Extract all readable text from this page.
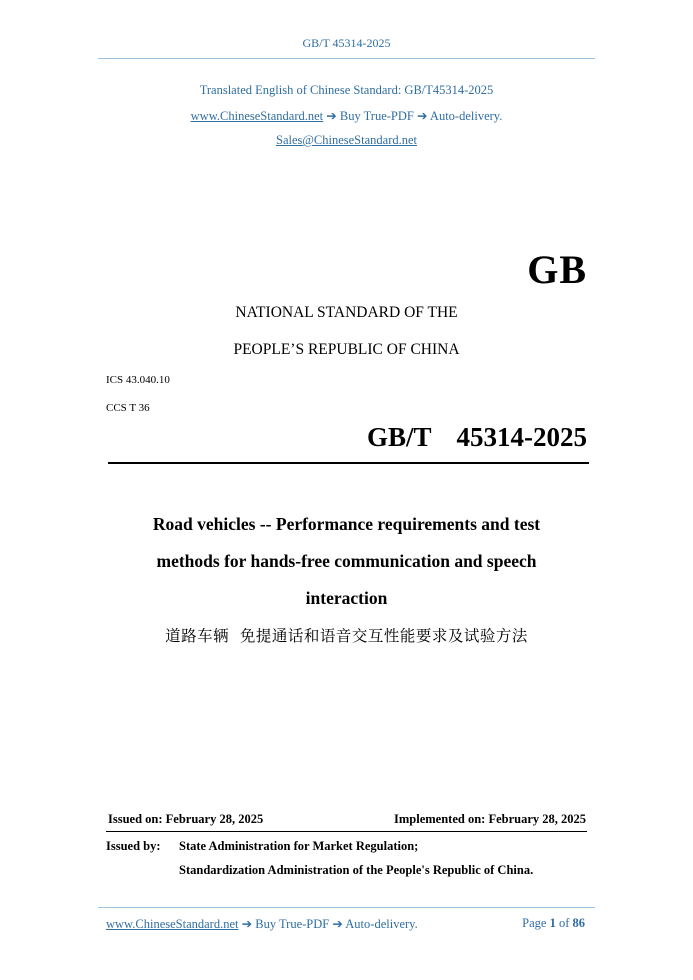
GB/T 45314-2025
Translated English of Chinese Standard: GB/T45314-2025
www.ChineseStandard.net ➔ Buy True-PDF ➔ Auto-delivery.
Sales@ChineseStandard.net
GB
NATIONAL STANDARD OF THE
PEOPLE’S REPUBLIC OF CHINA
ICS 43.040.10
CCS T 36
GB/T  45314-2025
Road vehicles -- Performance requirements and test
methods for hands-free communication and speech
interaction
道路车辆  免提通话和语音交互性能要求及试验方法
Issued on: February 28, 2025	Implemented on: February 28, 2025
Issued by: State Administration for Market Regulation;
Standardization Administration of the People's Republic of China.
www.ChineseStandard.net ➔ Buy True-PDF ➔ Auto-delivery.	Page 1 of 86
